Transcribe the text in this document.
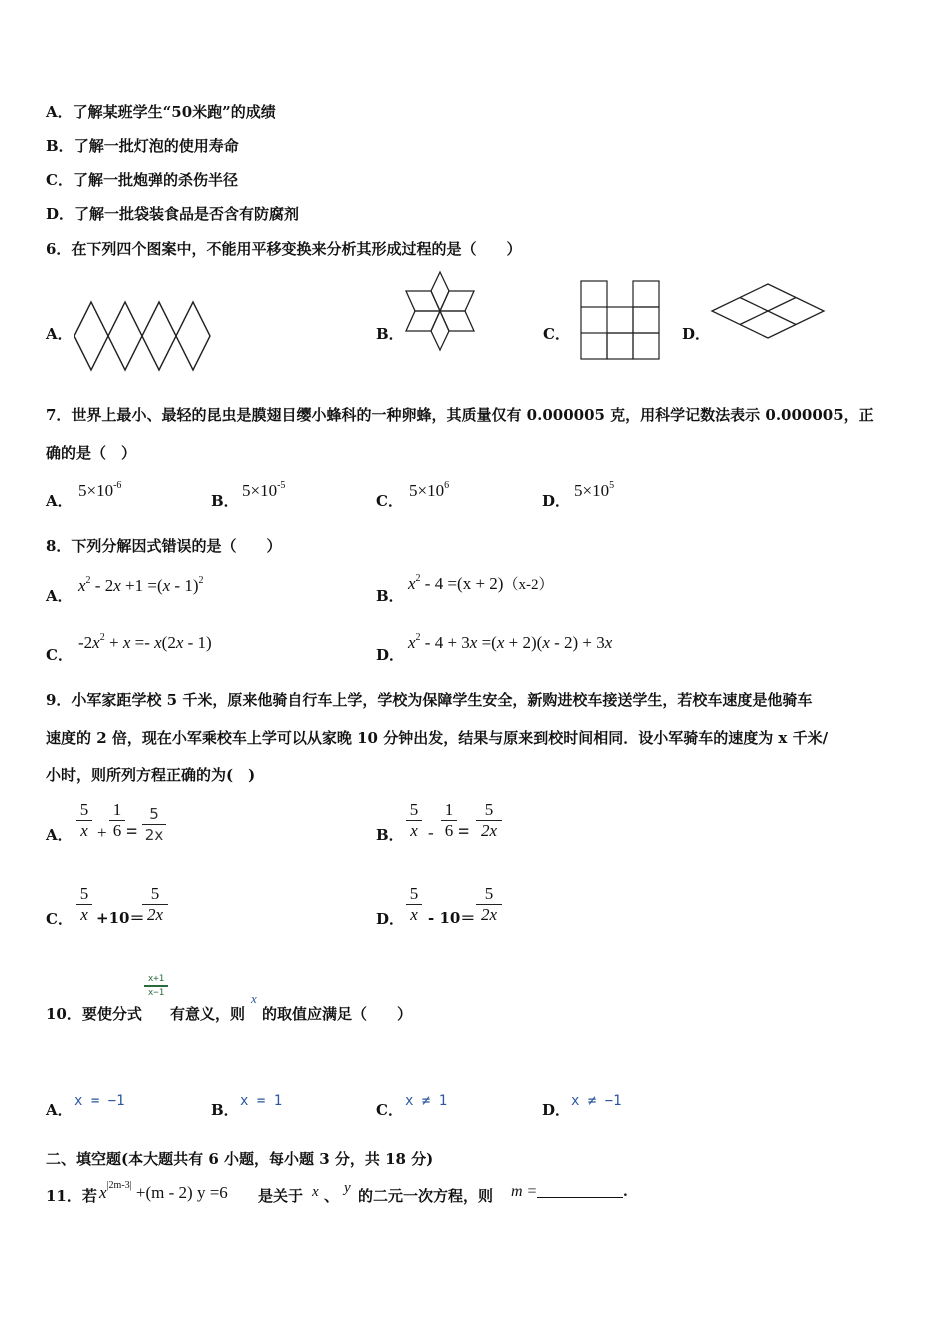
A．了解某班学生“50米跑”的成绩
B．了解一批灯泡的使用寿命
C．了解一批炮弹的杀伤半径
D．了解一批袋装食品是否含有防腐剂
6．在下列四个图案中，不能用平移变换来分析其形成过程的是（　　）
A．	B．	C．	D．
7．世界上最小、最轻的昆虫是膜翅目缨小蜂科的一种卵蜂，其质量仅有 0.000005 克，用科学记数法表示 0.000005，正
确的是（　）
A．
$5\times 10^{-6}$
B．
$5\times 10^{-5}$
C．
$5\times 10^6$
D．
$5\times 10^5$
8．下列分解因式错误的是（　　）
A．
$x^2 - 2x +1 =(x - 1)^2$
B．
$x^2 - 4 =(x + 2)(x-2)$
C．
$-2x^2 + x =- x(2x - 1)$
D．
$x^2 - 4 + 3x =(x + 2)(x - 2) + 3x$
9．小军家距学校 5 千米，原来他骑自行车上学，学校为保障学生安全，新购进校车接送学生，若校车速度是他骑车
速度的 2 倍，现在小军乘校车上学可以从家晚 10 分钟出发，结果与原来到校时间相同．设小军骑车的速度为 x 千米/
小时，则所列方程正确的为(　)
A．
5
x +
1
6 =
5
2x	B．
5
x -
1
6 =
5
2x
C．
5
x +10＝
5
2x	D．
5
x - 10＝
5
2x
10．要使分式
x+1
x−1
有意义，则
x
的取值应满足（　　）
A． x = −1	B． x = 1	C． x ≠ 1	D． x ≠ −1
二、填空题(本大题共有 6 小题，每小题 3 分，共 18 分)
11．若 $x^{|2m-3|} +(m - 2)$ y =6 是关于 x 、 y 的二元一次方程，则 m =	.
